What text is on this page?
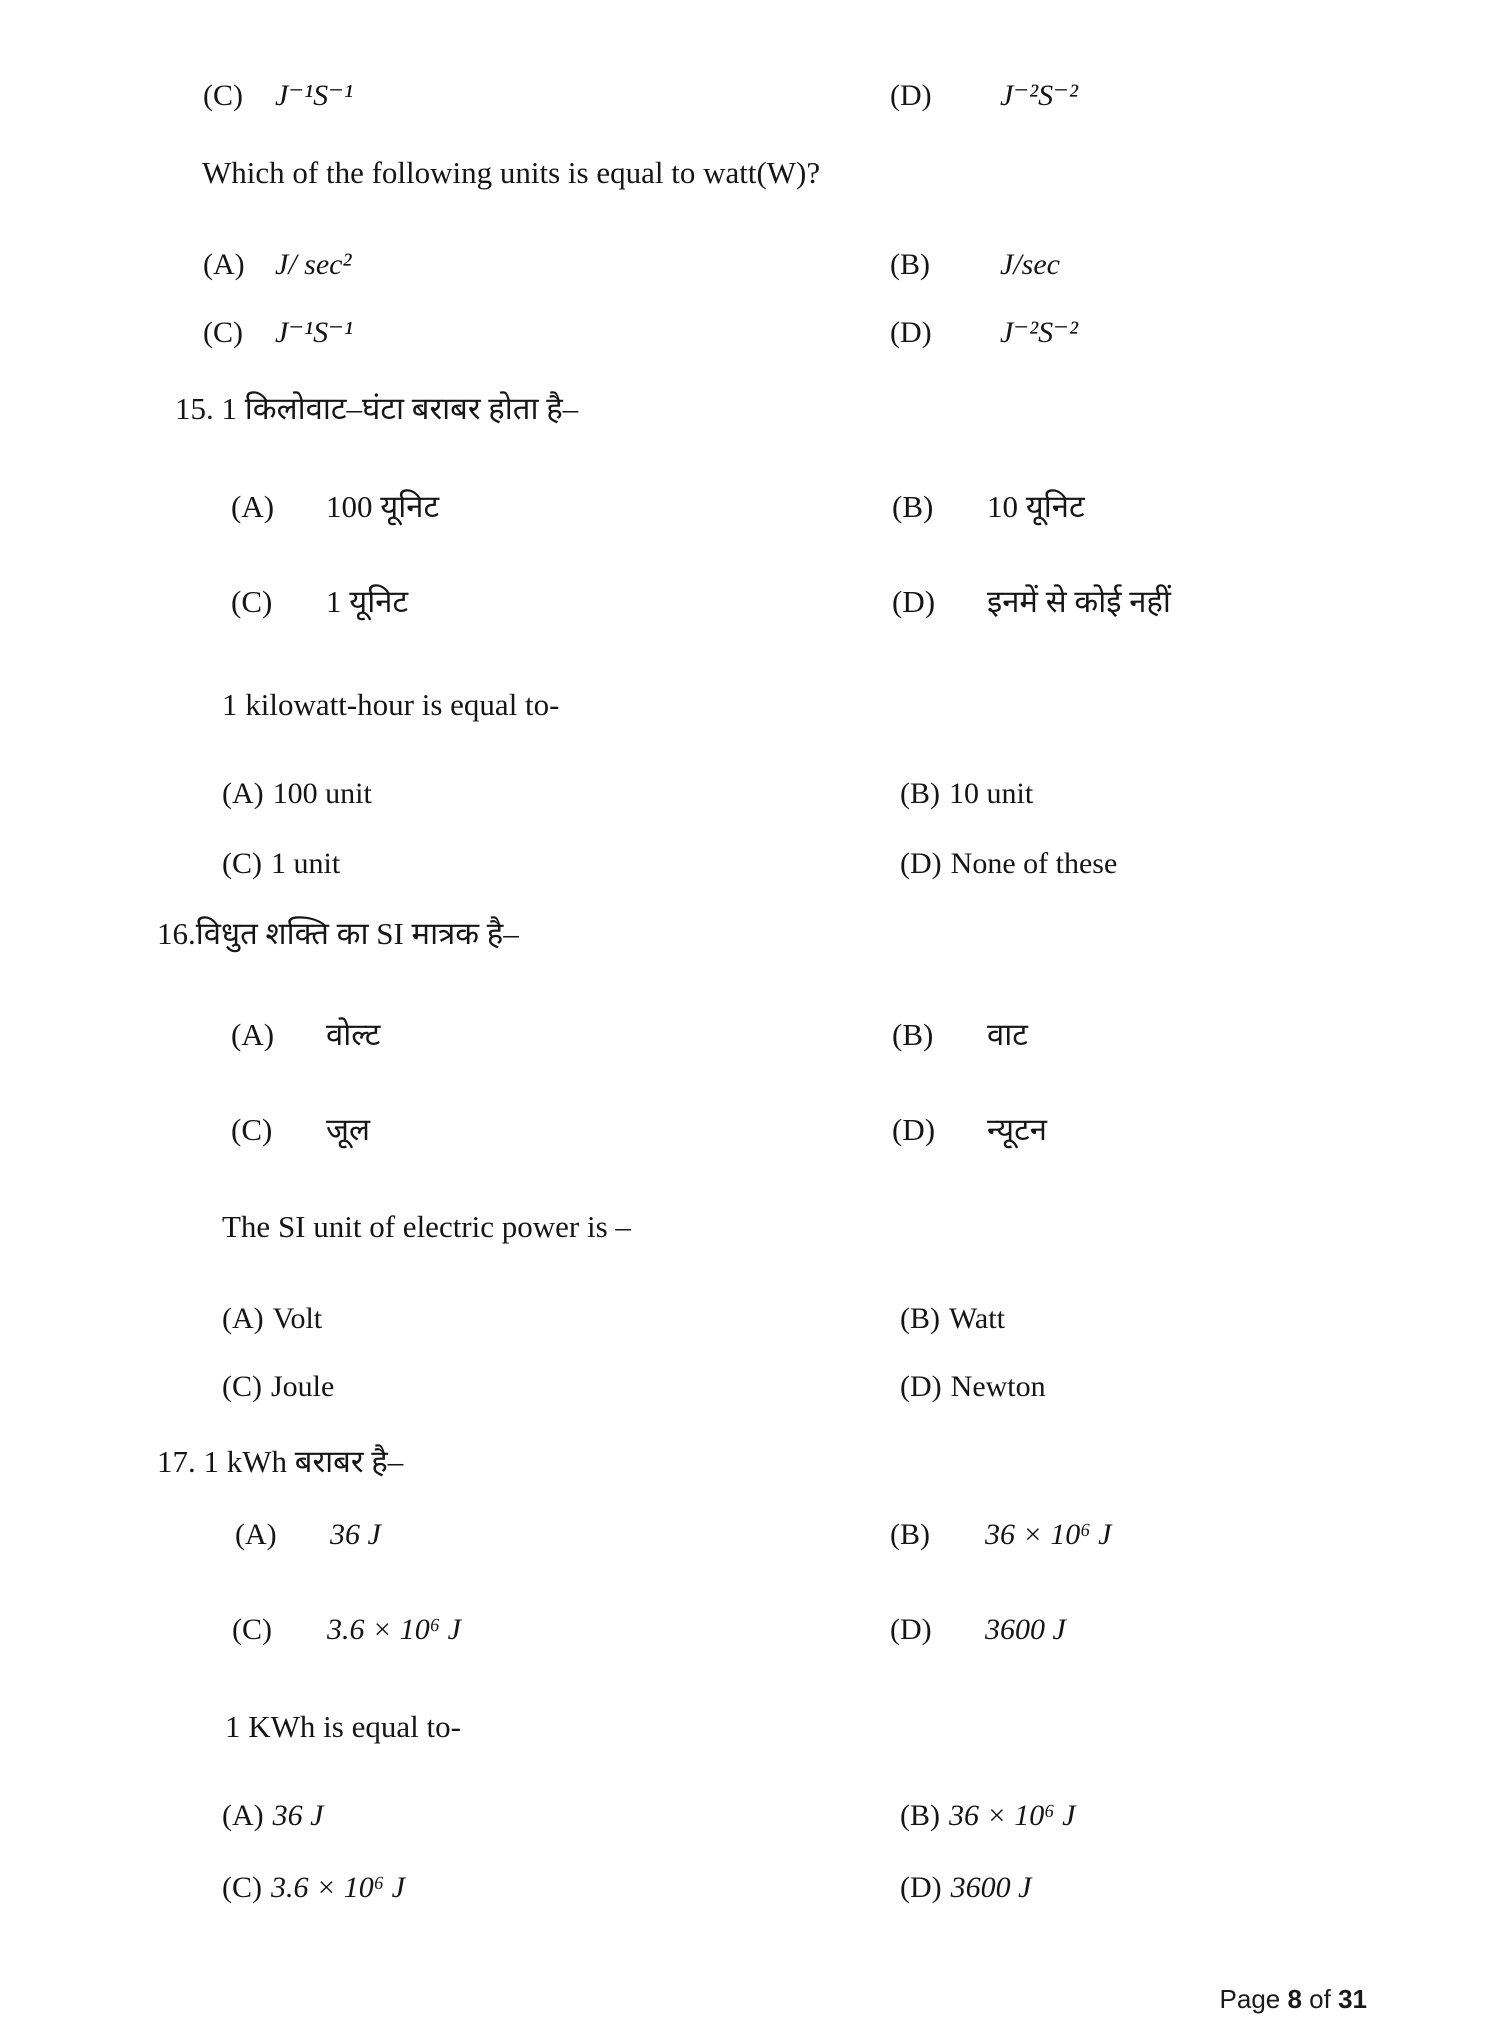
(C) J⁻¹S⁻¹	(D) J⁻²S⁻²
Which of the following units is equal to watt(W)?
(A) J/ sec²	(B) J/sec
(C) J⁻¹S⁻¹	(D) J⁻²S⁻²
15. 1 किलोवाट–घंटा बराबर होता है–
(A) 100 यूनिट	(B) 10 यूनिट
(C) 1 यूनिट	(D) इनमें से कोई नहीं
1 kilowatt-hour is equal to-
(A) 100 unit	(B) 10 unit
(C) 1 unit	(D) None of these
16.विधुत शक्ति का SI मात्रक है–
(A) वोल्ट	(B) वाट
(C) जूल	(D) न्यूटन
The SI unit of electric power is –
(A) Volt	(B) Watt
(C) Joule	(D) Newton
17. 1 kWh बराबर है–
(A) 36 J	(B) 36 × 10⁶ J
(C) 3.6 × 10⁶ J	(D) 3600 J
1 KWh is equal to-
(A) 36 J	(B) 36 × 10⁶ J
(C) 3.6 × 10⁶ J	(D) 3600 J
Page 8 of 31
